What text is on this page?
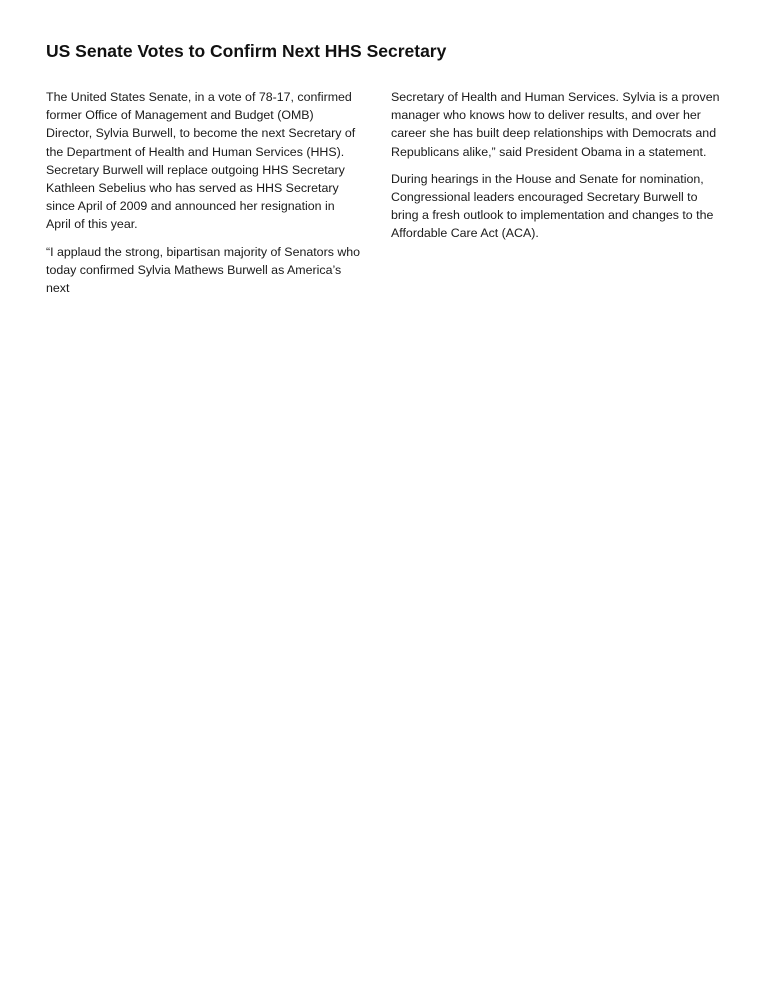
US Senate Votes to Confirm Next HHS Secretary

The United States Senate, in a vote of 78-17, confirmed former Office of Management and Budget (OMB) Director, Sylvia Burwell, to become the next Secretary of the Department of Health and Human Services (HHS). Secretary Burwell will replace outgoing HHS Secretary Kathleen Sebelius who has served as HHS Secretary since April of 2009 and announced her resignation in April of this year.

“I applaud the strong, bipartisan majority of Senators who today confirmed Sylvia Mathews Burwell as America’s next

Secretary of Health and Human Services. Sylvia is a proven manager who knows how to deliver results, and over her career she has built deep relationships with Democrats and Republicans alike,” said President Obama in a statement.

During hearings in the House and Senate for nomination, Congressional leaders encouraged Secretary Burwell to bring a fresh outlook to implementation and changes to the Affordable Care Act (ACA).
